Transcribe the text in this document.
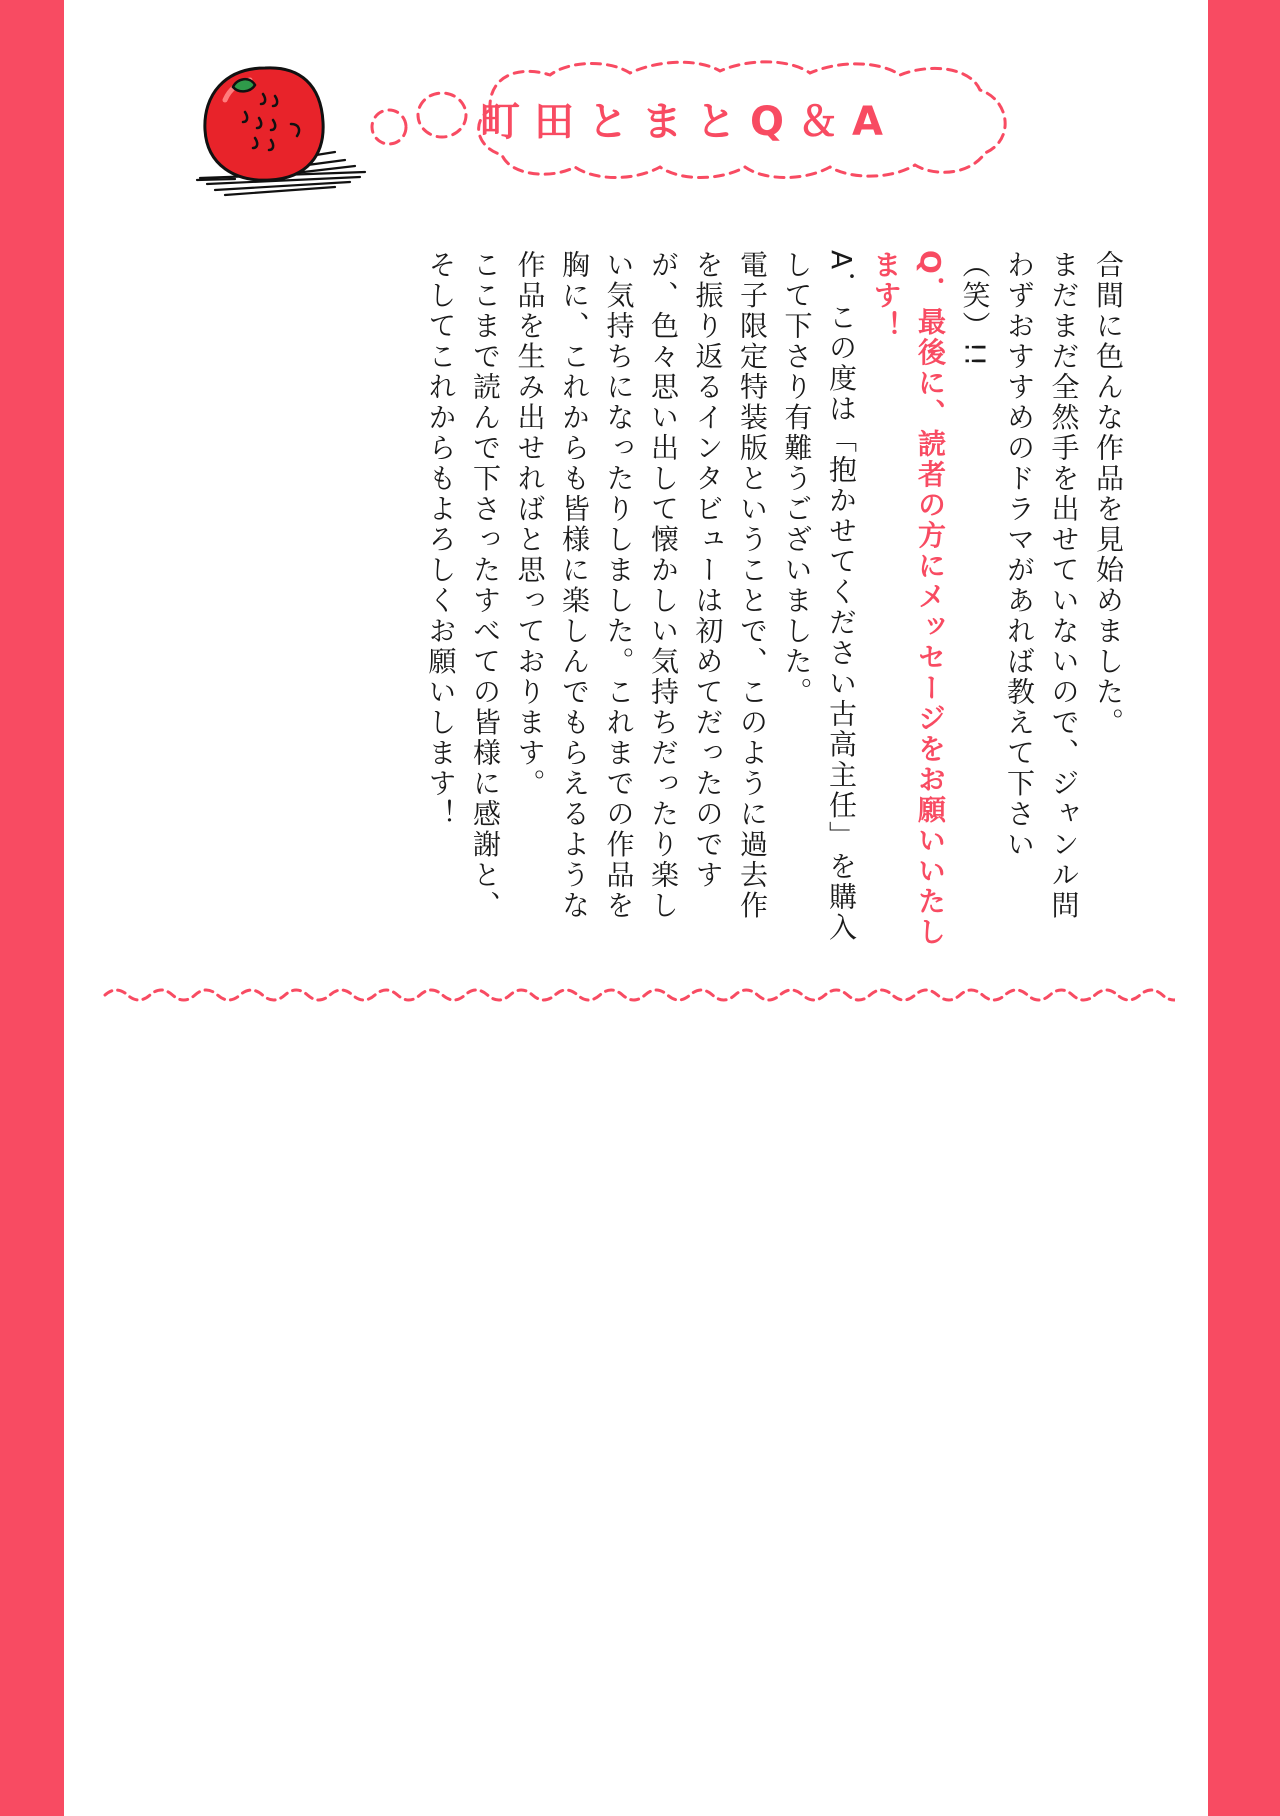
町田とまとQ＆A

合間に色んな作品を見始めました。

まだまだ全然手を出せていないので、ジャンル問わずおすすめのドラマがあれば教えて下さい（笑）!!

Q．最後に、読者の方にメッセージをお願いいたします！

A．この度は「抱かせてください古高主任」を購入して下さり有難うございました。

電子限定特装版ということで、このように過去作を振り返るインタビューは初めてだったのですが、色々思い出して懐かしい気持ちだったり楽しい気持ちになったりしました。これまでの作品を胸に、これからも皆様に楽しんでもらえるような作品を生み出せればと思っております。

ここまで読んで下さったすべての皆様に感謝と、そしてこれからもよろしくお願いします！
